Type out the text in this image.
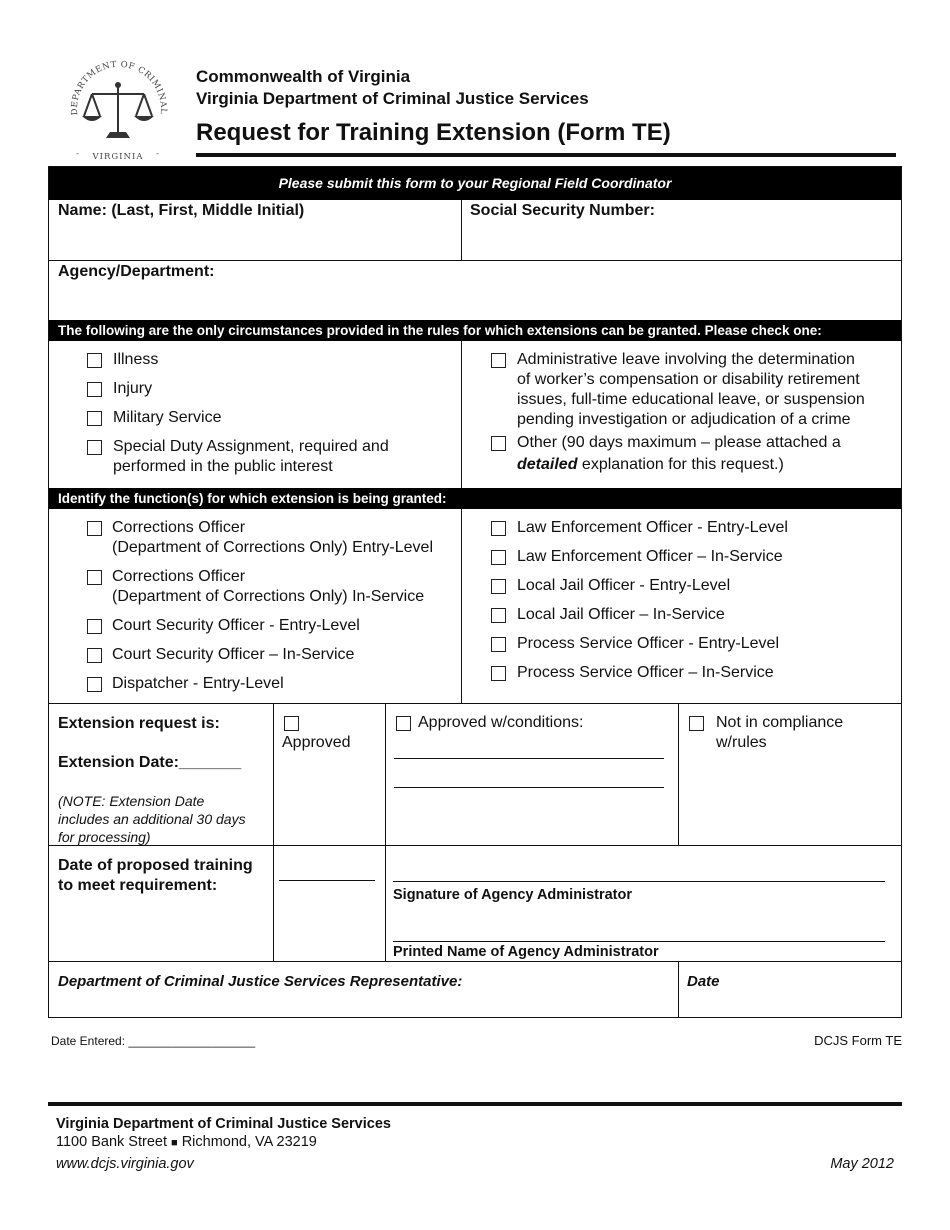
DEPARTMENT OF CRIMINAL
VIRGINIA
-	-
Commonwealth of Virginia
Virginia Department of Criminal Justice Services
Request for Training Extension (Form TE)
Please submit this form to your Regional Field Coordinator
Name: (Last, First, Middle Initial)	Social Security Number:
Agency/Department:
The following are the only circumstances provided in the rules for which extensions can be granted. Please check one:
Illness
Injury
Military Service
Special Duty Assignment, required and
performed in the public interest
Administrative leave involving the determination
of worker’s compensation or disability retirement
issues, full-time educational leave, or suspension
pending investigation or adjudication of a crime
Other (90 days maximum – please attached a
detailed explanation for this request.)
Identify the function(s) for which extension is being granted:
Corrections Officer
(Department of Corrections Only) Entry-Level
Corrections Officer
(Department of Corrections Only) In-Service
Court Security Officer - Entry-Level
Court Security Officer – In-Service
Dispatcher - Entry-Level
Law Enforcement Officer - Entry-Level
Law Enforcement Officer – In-Service
Local Jail Officer - Entry-Level
Local Jail Officer – In-Service
Process Service Officer - Entry-Level
Process Service Officer – In-Service
Extension request is:
Extension Date:_______
(NOTE: Extension Date
includes an additional 30 days
for processing)
Approved
Approved w/conditions:	Not in compliance
w/rules
Date of proposed training
to meet requirement:
Signature of Agency Administrator
Printed Name of Agency Administrator
Department of Criminal Justice Services Representative:	Date
Date Entered: ___________________	DCJS Form TE
Virginia Department of Criminal Justice Services
1100 Bank Street ■ Richmond, VA 23219
www.dcjs.virginia.gov	May 2012
